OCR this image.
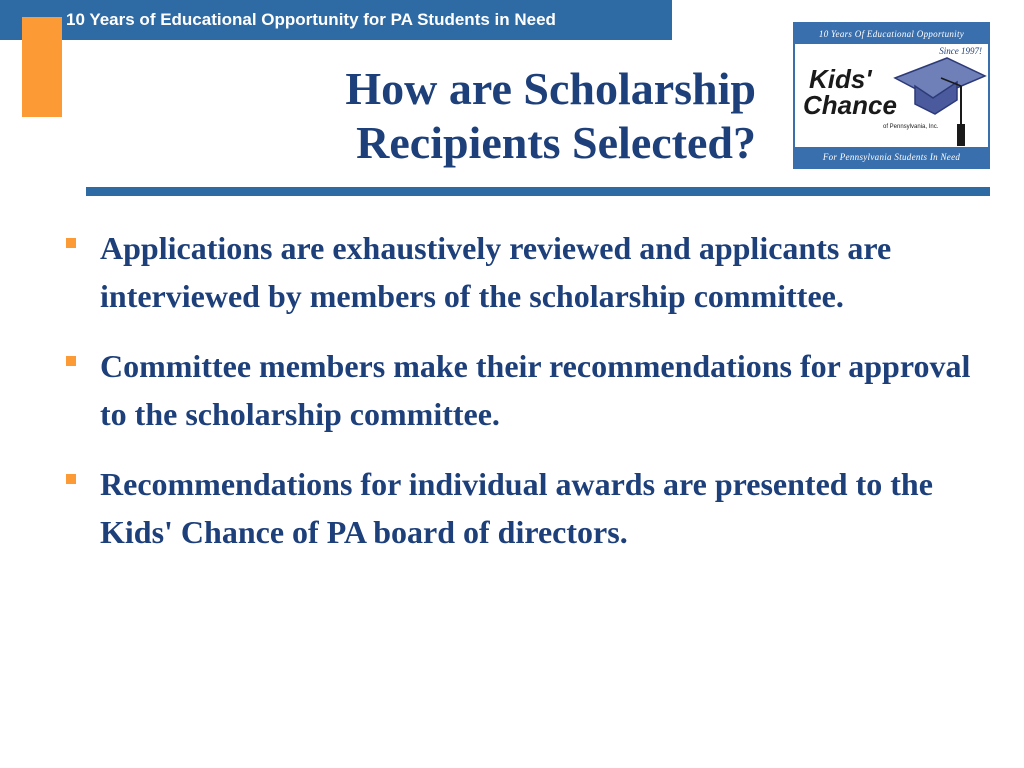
10 Years of Educational Opportunity for PA Students in Need
How are Scholarship
Recipients Selected?
10 Years Of Educational Opportunity
Since 1997!
Kids'
Chance
of Pennsylvania, Inc.
For Pennsylvania Students In Need
Applications are exhaustively reviewed and applicants are interviewed by members of the scholarship committee.
Committee members make their recommendations for approval to the scholarship committee.
Recommendations for individual awards are presented to the Kids' Chance of PA board of directors.
